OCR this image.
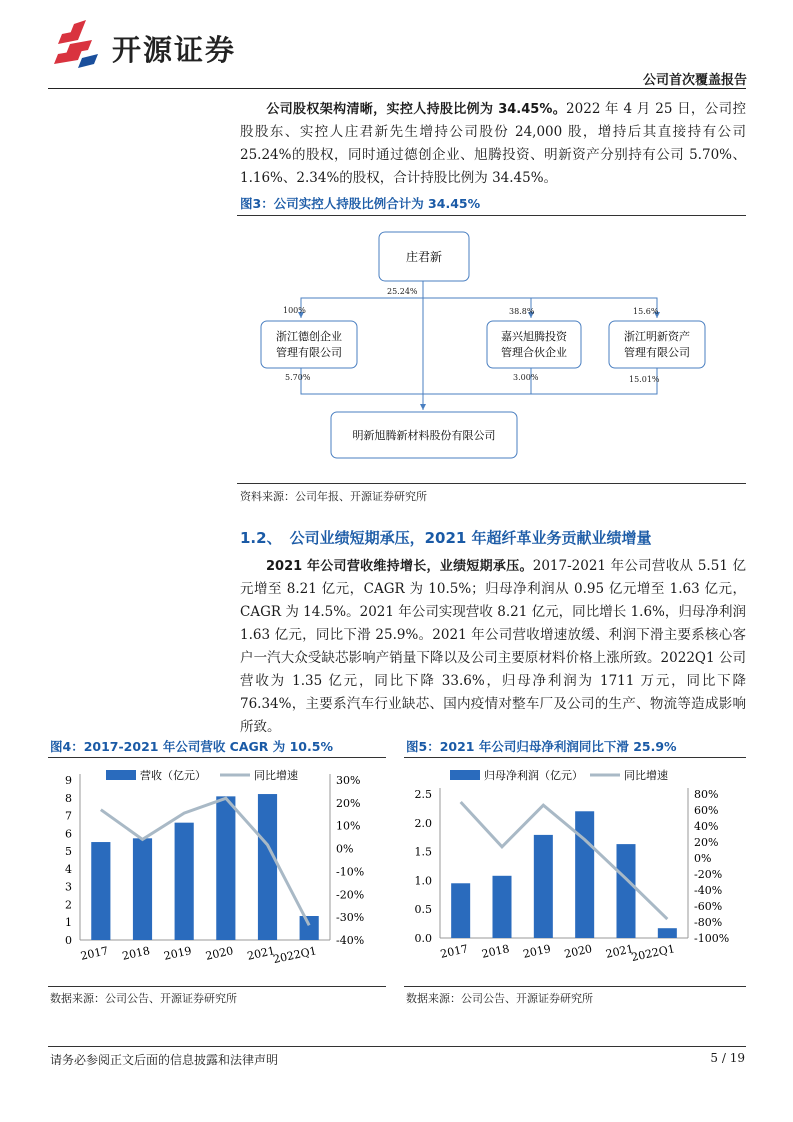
开源证券
公司首次覆盖报告
公司股权架构清晰，实控人持股比例为 34.45%。2022 年 4 月 25 日，公司控股股东、实控人庄君新先生增持公司股份 24,000 股，增持后其直接持有公司 25.24%的股权，同时通过德创企业、旭腾投资、明新资产分别持有公司 5.70%、1.16%、2.34%的股权，合计持股比例为 34.45%。
图3：公司实控人持股比例合计为 34.45%
庄君新
浙江德创企业
管理有限公司
嘉兴旭腾投资
管理合伙企业
浙江明新资产
管理有限公司
明新旭腾新材料股份有限公司
25.24%
100%	38.8%	15.6%
5.70%	3.00%	15.01%
资料来源：公司年报、开源证券研究所
1.2、 公司业绩短期承压，2021 年超纤革业务贡献业绩增量
2021 年公司营收维持增长，业绩短期承压。2017-2021 年公司营收从 5.51 亿元增至 8.21 亿元，CAGR 为 10.5%；归母净利润从 0.95 亿元增至 1.63 亿元，CAGR 为 14.5%。2021 年公司实现营收 8.21 亿元，同比增长 1.6%，归母净利润 1.63 亿元，同比下滑 25.9%。2021 年公司营收增速放缓、利润下滑主要系核心客户一汽大众受缺芯影响产销量下降以及公司主要原材料价格上涨所致。2022Q1 公司营收为 1.35 亿元，同比下降 33.6%，归母净利润为 1711 万元，同比下降 76.34%，主要系汽车行业缺芯、国内疫情对整车厂及公司的生产、物流等造成影响所致。
图4：2017-2021 年公司营收 CAGR 为 10.5%
营收（亿元）	同比增速
0
1
2
3
4
5
6
7
8
9
-40%
-30%
-20%
-10%
0%
10%
20%
30%
2017 2018 2019 2020 2021
2022Q1
数据来源：公司公告、开源证券研究所
图5：2021 年公司归母净利润同比下滑 25.9%
归母净利润（亿元）	同比增速
0.0
0.5
1.0
1.5
2.0
2.5
-100%
-80%
-60%
-40%
-20%
0%
20%
40%
60%
80%
2017 2018 2019 2020 2021
2022Q1
数据来源：公司公告、开源证券研究所
请务必参阅正文后面的信息披露和法律声明	5 / 19
